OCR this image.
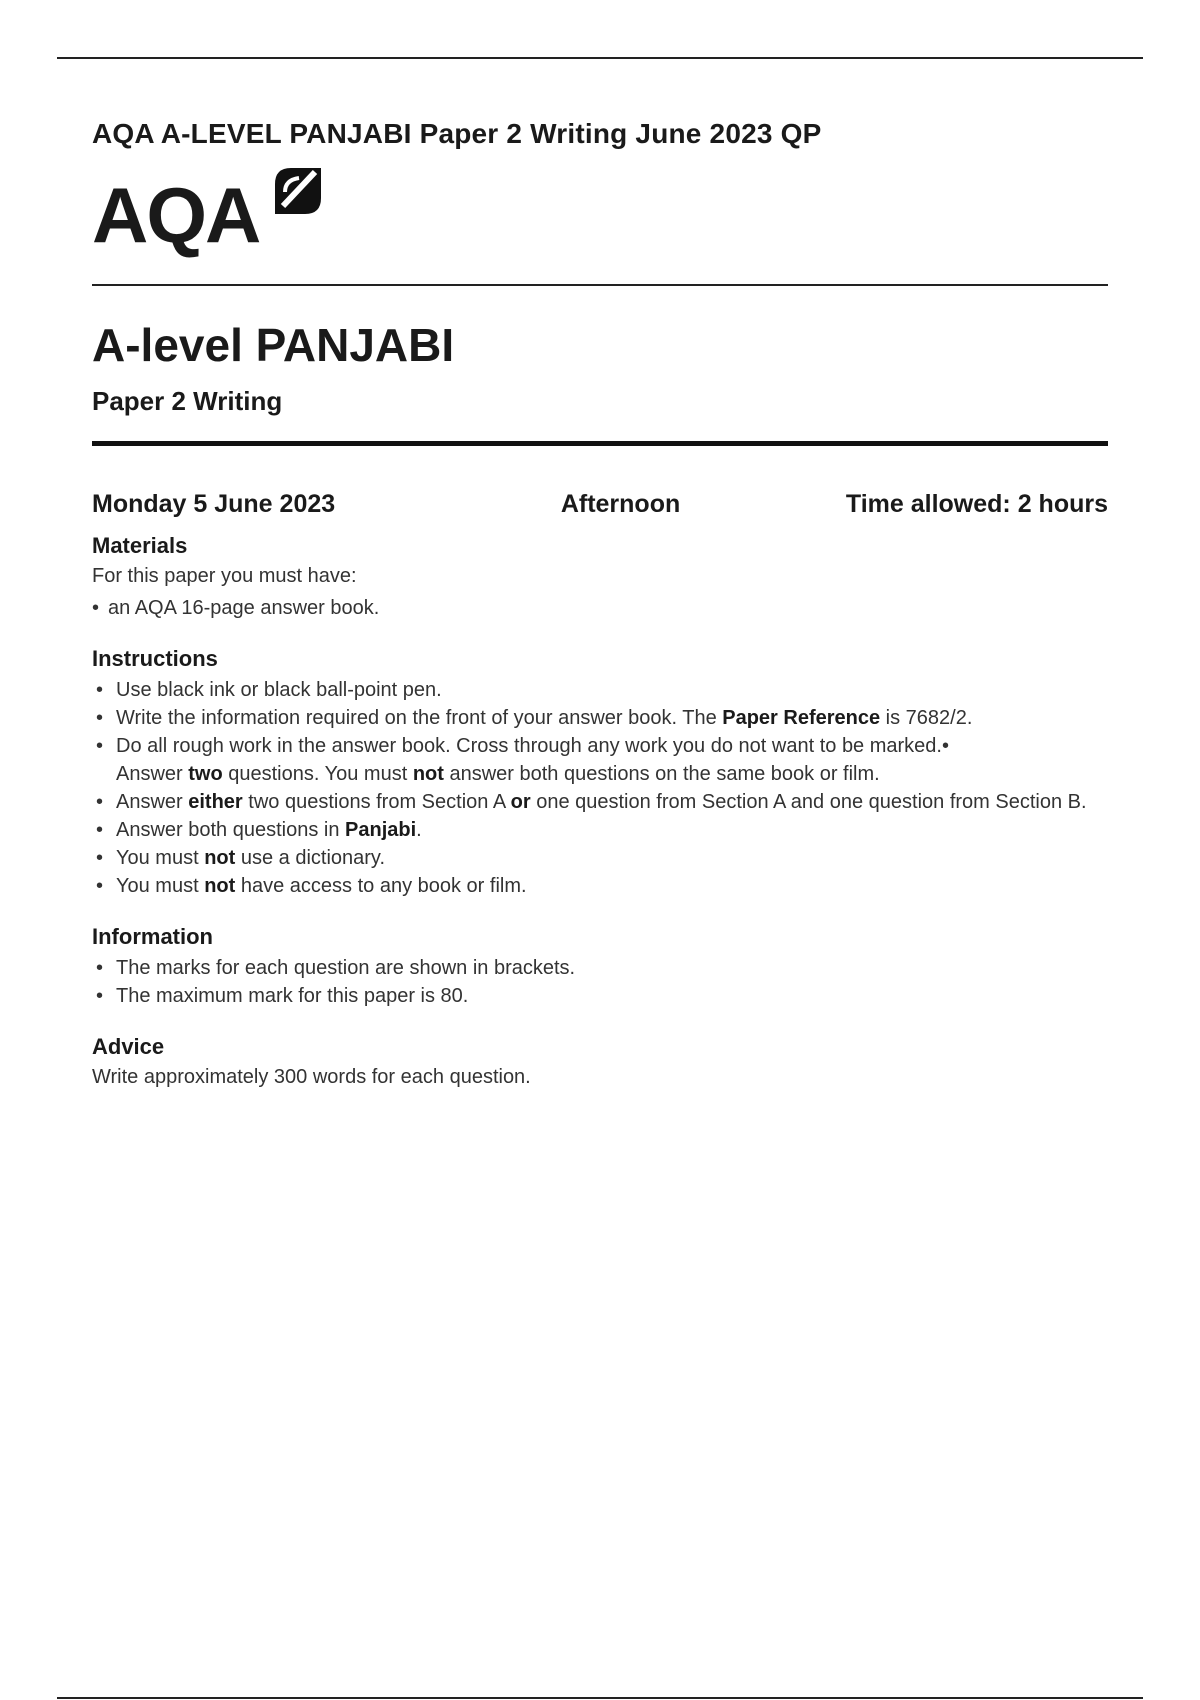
AQA A-LEVEL PANJABI Paper 2 Writing June 2023 QP
AQA
A-level PANJABI
Paper 2 Writing
Monday 5 June 2023	Afternoon	Time allowed: 2 hours
Materials

For this paper you must have:

• an AQA 16-page answer book.
Instructions
• Use black ink or black ball-point pen.
• Write the information required on the front of your answer book. The Paper Reference is 7682/2.
• Do all rough work in the answer book. Cross through any work you do not want to be marked.•
Answer two questions. You must not answer both questions on the same book or film.
• Answer either two questions from Section A or one question from Section A and one question from Section B.
• Answer both questions in Panjabi.
• You must not use a dictionary.
• You must not have access to any book or film.
Information
• The marks for each question are shown in brackets.
• The maximum mark for this paper is 80.
Advice

Write approximately 300 words for each question.
